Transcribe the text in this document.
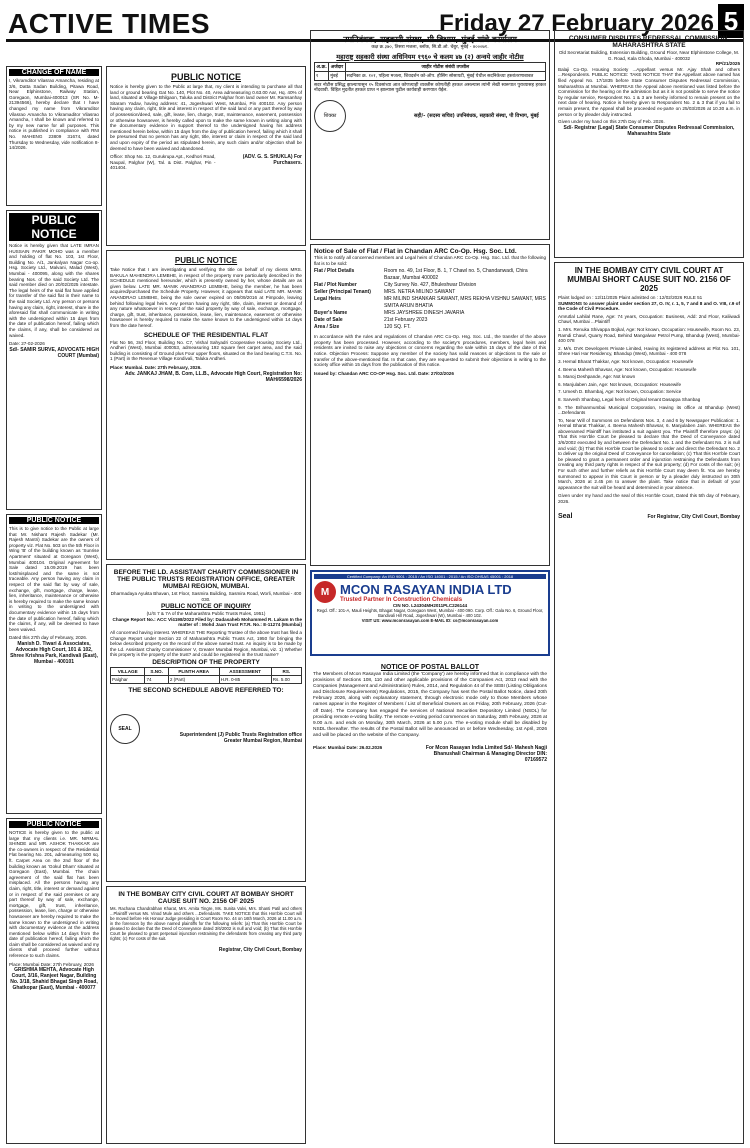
ACTIVE TIMES	Friday 27 February 2026 5
CHANGE OF NAME
I, Vikramditor Vilasrao Amancha, residing at 3/6, Datta Sadan Building, Pitawa Road, Near Elphinstone, Railway Station, Goregaon, Mumbai-400013 (SR No. M-21394566), hereby declare that I have changed my name from Vikramditor Vilasrao Amancha to Vikramaditor Vilasrao Amancha, I shall be known and referred to by my new name for all purposes. This notice is published in compliance with RNI No. MAHENG 23809 31674, dated Thursday to Wednesday, vide notification 8-14/2026.
PUBLIC NOTICE
Notice is hereby given that LATE IMRAN HUSSAIN FAKIR MOHD was a member and holding of flat No. 103, 1st Floor, Building No. A/1, Jankalyan Nagar Co-op. Hsg. Society Ltd., Malvani, Malad (West), Mumbai - 400095, along with the shares bearing Nos. of the said Society Ltd. The said member died on 20/02/2025 intestate. The legal heirs of the said flat have applied for transfer of the said flat in their name to the said Society Ltd. Any person or persons having any claim, right, interest, share in the aforesaid flat shall communicate in writing with the undersigned within 15 days from the date of publication hereof, failing which the claims, if any, shall be considered as waived.
Date: 27-02-2026
Sd/- SAMIR SURVE, ADVOCATE HIGH COURT (Mumbai)
PUBLIC NOTICE
This is to give notice to the Public at large that Mr. Nishant Rajesh Sadekar (Mr. Rajesh Mantri) Sadekar are the owners of property viz. Flat No. 503 on the 5th Floor in Wing 'B' of the building known as 'Sunrise Apartment' situated at Goregaon (West), Mumbai 400104. Original Agreement for Sale dated 15.09.2019 has been lost/misplaced and the same is not traceable. Any person having any claim in respect of the said flat by way of sale, exchange, gift, mortgage, charge, lease, lien, inheritance, maintenance or otherwise is hereby required to make the same known in writing to the undersigned with documentary evidence within 15 days from the date of publication hereof, failing which the claims, if any, will be deemed to have been waived.
Dated this 27th day of February, 2026.
Manish D. Tiwari & Associates, Advocate High Court, 101 & 102, Shree Krishna Park, Kandivali (East), Mumbai - 400101
PUBLIC NOTICE
NOTICE is hereby given to the public at large that my clients i.e. MR. NIRMAL SHINDE and MR. ASHOK THAKKAR are the co-owners in respect of the Residential Flat bearing No. 201, admeasuring 500 sq. ft. Carpet Area on the 2nd floor of the building known as 'Gokul Dham' situated at Goregaon (East), Mumbai. The chain agreement of the said flat has been misplaced. All the persons having any claim, right, title, interest or demand against or in respect of the said premises or any part thereof by way of sale, exchange, mortgage, gift, trust, inheritance, possession, lease, lien, charge or otherwise howsoever are hereby required to make the same known to the undersigned in writing with documentary evidence at the address mentioned below within 14 days from the date of publication hereof, failing which the claim shall be considered as waived and my clients shall proceed further without reference to such claims.
Place: Mumbai Date: 27th February, 2026
GRISHMA MEHTA, Advocate High Court, 3/16, Ranjeet Nagar, Building No. 3/18, Shahid Bhagat Singh Road, Ghatkopar (East), Mumbai - 400077
PUBLIC NOTICE
Notice is hereby given to the Public at large that, my client is intending to purchase all that land or ground bearing Gat No. 140, Plot No. 40, Area admeasuring 0.63.00 Aar, Hq. 40% of land, situated at Village Bhilgaon, Taluka and District Palghar from land owner Mr. Ramsanhay Sitaram Yadav, having address: 41, Jogeshwari West, Mumbai, Pin 400102. Any person having any claim, right, title and interest in respect of the said land or any part thereof by way of possession/deed, sale, gift, lease, lien, charge, trust, maintenance, easement, possession or otherwise howsoever, is hereby called upon to make the same known in writing along with the documentary evidence in support thereof to the undersigned having his address mentioned herein below, within 15 days from the day of publication hereof, failing which it shall be presumed that no person has any right, title, interest or claim in respect of the said land and upon expiry of the period as stipulated herein, any such claim and/or objection shall be deemed to have been waived and abandoned.
Office: Shop No. 12, Gurukrupa Apt., Kedhori Road, Naupal, Palghar (W), Tal. & Dist. Palghar, Pin - 401404.
(ADV. G. S. SHUKLA) For Purchasers.
PUBLIC NOTICE
Take Notice that I am investigating and verifying the title on behalf of my clients MRS. BAKULA MAHENDRA LEMBHE, in respect of the property more particularly described in the SCHEDULE mentioned hereunder, which is presently owned by her, whose details are as given below. LATE MR. MANIK ANANDRAO LEMBHE, being the member, he has been acquired/purchased the Schedule Property. However, it appears that said LATE MR. MANIK ANANDRAO LEMBHE, being the sole owner expired on 05/09/2016 at Pimpode, leaving behind following legal heirs. Any person having any right, title, claim, interest or demand of any nature whatsoever in respect of the said property by way of sale, exchange, mortgage, charge, gift, trust, inheritance, possession, lease, lien, maintenance, easement or otherwise howsoever is hereby required to make the same known to the undersigned within 14 days from the date hereof.
SCHEDULE OF THE RESIDENTIAL FLAT
Flat No 56, 3rd Floor, Building No. C7, Vishal Sahyadri Cooperative Housing Society Ltd., Andheri (West), Mumbai 400053, admeasuring 192 square feet carpet area, and the said building is consisting of Ground plus Four upper floors, situated on the land bearing C.T.S. No. 1 (Part) in the Revenue Village Kondivali, Taluka Andheri.
Place: Mumbai. Date: 27th February, 2026.
Adv. JANKAJ JHAM, B. Com, LL.B., Advocate High Court, Registration No: MAH/6598/2026
BEFORE THE LD. ASSISTANT CHARITY COMMISSIONER IN THE PUBLIC TRUSTS REGISTRATION OFFICE, GREATER MUMBAI REGION, MUMBAI.
Dharmadaya Ayukta Bhavan, 1st Floor, Sasmira Building, Sasmira Road, Worli, Mumbai - 400 030.
PUBLIC NOTICE OF INQUIRY
(U/S 7 & 7A of the Maharashtra Public Trusts Rules, 1951)
Change Report No.: ACC V/4198/2022 Filed by: Dadasaheb Mohammed R. Lakam In the matter of : Mohd Jaan Trust P.T.R. No.: E-11274 (Mumbai)
All concerned having interest. WHEREAS THE Reporting Trustee of the above trust has filed a Change Report under Section 22 of Maharashtra Public Trusts Act, 1950 for bringing the below described property on the record of the above named trust. An inquiry is to be made by the Ld. Assistant Charity Commissioner V, Greater Mumbai Region, Mumbai, viz. 1) Whether this property is the property of the trust? and could be registered in the trust name?
DESCRIPTION OF THE PROPERTY
VILLAGE	S.NO.	PLINTH AREA	ASSESSMENT	RS.
Palghar	74	2 (Part)	H.R. 0-85	Rs. 5.00
THE SECOND SCHEDULE ABOVE REFERRED TO:
SEAL
Superintendent (J) Public Trusts Registration office Greater Mumbai Region, Mumbai
IN THE BOMBAY CITY CIVIL COURT AT BOMBAY SHORT CAUSE SUIT NO. 2156 OF 2025
Ms. Rachana Chandrabhan Kharat, Mrs. Amita Tingre, Ms. Sunita Valvi, Mrs. Shanti Patil and others ...Plaintiff versus Ms. Vinod Mule and others ...Defendants. TAKE NOTICE that this Hon'ble Court will be moved before His Honour Judge presiding in Court Room No. 44 on 16th March, 2026 at 11.00 a.m. in the forenoon by the above named plaintiffs for the following reliefs: (a) That this Hon'ble Court be pleased to declare that the Deed of Conveyance dated 3/6/2002 is null and void; (b) That this Hon'ble Court be pleased to grant perpetual injunction restraining the defendants from creating any third party rights; (c) For costs of the suit.
Registrar, City Civil Court, Bombay
उपनिबंधक, सहकारी संस्था, पी विभाग, मुंबई यांचे कार्यालय
कक्ष क्र.३७०, तिसरा मजला, ब्लॉक, सि.डी.ओ. चेंबुर, मुंबई - ४०००७१.
महाराष्ट्र सहकारी संस्था अधिनियम १९६० चे कलम ४७ (२) अन्वये जाहीर नोटीस
अ.क्र.	अर्जदार	जाहीर नोटीस संबंधी तपशील
१	मुंबई	सदनिका क्र. १०१, पहिला मजला, शिवदर्शन को-ऑप. हौसिंग सोसायटी, मुंबई येथील सदनिकेच्या हस्तांतरणाबाबत
सदर नोटीस प्रसिद्ध झाल्यापासून १५ दिवसांच्या आत कोणत्याही व्यक्तीस कोणतीही हरकत असल्यास त्यांनी लेखी स्वरूपात पुराव्यासह हरकत नोंदवावी. विहित मुदतीत हरकत प्राप्त न झाल्यास पुढील कार्यवाही करण्यात येईल.
शिक्का	सही/- (सदस्य सचिव) उपनिबंधक, सहकारी संस्था, पी विभाग, मुंबई
Notice of Sale of Flat / Flat in Chandan ARC Co-Op. Hsg. Soc. Ltd.
This is to notify all concerned members and Legal heirs of Chandan ARC Co-Op. Hsg. Soc. Ltd. that the following flat is to be sold:
Flat / Plot Details	Room no. 49, 1st Floor, B. 1, 7 Chawl no. 5, Chandanwadi, Chira Bazaar, Mumbai 400002
Flat / Plot Number	City Survey No. 427, Bhuleshwar Division
Seller (Principal Tenant)	MRS. NETRA MILIND SAWANT
Legal Heirs	MR MILIND SHANKAR SAWANT, MRS REKHA VISHNU SAWANT, MRS SMITA ARUN BHATIA
Buyer's Name	MRS JAYSHREE DINESH JAVARIA
Date of Sale	21st February 2023
Area / Size	120 SQ. FT.
In accordance with the rules and regulations of Chandan ARC Co-Op. Hsg. Soc. Ltd., the transfer of the above property has been processed. However, according to the society's procedures, members, legal heirs and residents are invited to raise any objections or concerns regarding the sale within 15 days of the date of this notice. Objection Process: Suppose any member of the society has valid reasons or objections to the sale or transfer of the above-mentioned flat. In that case, they are requested to submit their objections in writing to the society office within 15 days from the publication of this notice.
Issued by: Chandan ARC CO-OP Hsg. Soc. Ltd. Date: 27/02/2026
Certified Company: An ISO 9001 : 2015 / An ISO 14001 : 2015 / An ISO OHSAS 45001 : 2018
M MCON RASAYAN INDIA LTD
Trusted Partner In Construction Chemicals
CIN NO. L24304MH2011PLC226144
Regd. Off.: 101-A, Mauli Heights, Bhagat Nagar, Goregaon West, Mumbai - 400 090. Corp. Off.: Gala No. 6, Ground Floor, Bandivali Hill Road, Jogeshwari (W), Mumbai - 400 102.
VISIT US: www.mconrasayan.com E-MAIL ID: cs@mconrasayan.com
NOTICE OF POSTAL BALLOT
The Members of Mcon Rasayan India Limited (the 'Company') are hereby informed that in compliance with the provisions of Sections 108, 110 and other applicable provisions of the Companies Act, 2013 read with the Companies (Management and Administration) Rules, 2014, and Regulation 44 of the SEBI (Listing Obligations and Disclosure Requirements) Regulations, 2015, the Company has sent the Postal Ballot Notice, dated 20th February 2026, along with explanatory statement, through electronic mode only to those Members whose names appear in the Register of Members / List of Beneficial Owners as on Friday, 20th February, 2026 (Cut-off Date). The Company has engaged the services of National Securities Depository Limited (NSDL) for providing remote e-voting facility. The remote e-voting period commences on Saturday, 28th February, 2026 at 9.00 a.m. and ends on Monday, 30th March, 2026 at 5.00 p.m. The e-voting module shall be disabled by NSDL thereafter. The results of the Postal Ballot will be announced on or before Wednesday, 1st April, 2026 and will be placed on the website of the Company.
Place: Mumbai Date: 26.02.2026	For Mcon Rasayan India Limited Sd/- Mahesh Nagji Bhanushali Chairman & Managing Director DIN: 07169572
CONSUMER DISPUTES REDRESSAL COMMISSION, MAHARASHTRA STATE
Old Secretariat Building, Extension Building, Ground Floor, Near Elphinstone College, M. G. Road, Kala Ghoda, Mumbai - 400032
RP/21/2025
Balaji Co-Op. Housing Society ...Appellant versus Mr. Ajay Shah and others ...Respondents. PUBLIC NOTICE: TAKE NOTICE THAT the Appellant above named has filed Appeal No. 17/1835 before State Consumer Disputes Redressal Commission, Maharashtra at Mumbai. WHEREAS the Appeal above mentioned was listed before the Commission for the hearing on the admission but as it is not possible to serve the notice by regular service, Respondent No. 1 & 3 are hereby informed to remain present on the next date of hearing. Notice is hereby given to Respondent No. 2 & 3 that if you fail to remain present, the Appeal shall be proceeded ex-parte on 25/03/2026 at 10.30 a.m. in person or by pleader duly instructed.
Given under my hand on this 27th Day of Feb. 2026.
Sd/- Registrar (Legal) State Consumer Disputes Redressal Commission, Maharashtra State
IN THE BOMBAY CITY CIVIL COURT AT MUMBAI SHORT CAUSE SUIT NO. 2156 OF 2025
Plaint lodged on : 12/11/2025 Plaint admitted on : 12/02/2026 RULE 51
SUMMONS to answer plaint under section 27, O. IV, r. 1, 5, 7 and 8 and O. VIII, r.9 of the Code of Civil Procedure.

Amrutlal Lahilal Rane, Age: 74 years, Occupation: Business, Add: 2nd Floor, Kaliiwadi Chawl, Mumbai ...Plaintiff

1. Mrs. Renuka Shivappa Bojkal, Age: Not known, Occupation: Housewife, Room No. 23, Ramdi Chawl, Quarry Road, Behind Mangalwar Petrol Pump, Bhandup (West), Mumbai-400 078

2. M/s. DVK Developers Private Limited, Having its registered address at Plot No. 101, Shree Hari Har Residency, Bhandup (West), Mumbai - 400 078

3. Hemal Bharat Thakkar, Age: Not known, Occupation: Housewife

4. Beena Mahesh Bhavsar, Age: Not known, Occupation: Housewife

5. Manoj Deshpande, Age: Not known

6. Manjulaben Jain, Age: Not known, Occupation: Housewife

7. Umesh D. Bhambaj, Age: Not known, Occupation: Service

8. Sarvesh Shanbag, Legal heirs of Original tenant Dasappa Shanbag

9. The Brihanmumbai Municipal Corporation, Having its office at Bhandup (West) ...Defendants

To, Near Will of Summons on Defendants Nos. 3, 4 and 6 by Newspaper Publication: 1. Hemal Bharat Thakkar, 4. Beena Mahesh Bhavsar, 6. Manjulaben Jain. WHEREAS the abovenamed Plaintiff has instituted a suit against you. The Plaintiff therefore prays: (a) That this Hon'ble Court be pleased to declare that the Deed of Conveyance dated 3/6/2002 executed by and between the Defendant No. 1 and the Defendant No. 2 is null and void; (b) That this Hon'ble Court be pleased to order and direct the Defendant No. 2 to deliver up the original Deed of Conveyance for cancellation; (c) That this Hon'ble Court be pleased to grant a permanent order and injunction restraining the Defendants from creating any third party rights in respect of the suit property; (d) For costs of the suit; (e) For such other and further reliefs as this Hon'ble Court may deem fit. You are hereby summoned to appear in this Court in person or by a pleader duly instructed on 30th March, 2026 at 2.45 pm to answer the plaint. Take notice that in default of your appearance the suit will be heard and determined in your absence.
Given under my hand and the seal of this Hon'ble Court, Dated this 5th day of February, 2026.
Seal	For Registrar, City Civil Court, Bombay
